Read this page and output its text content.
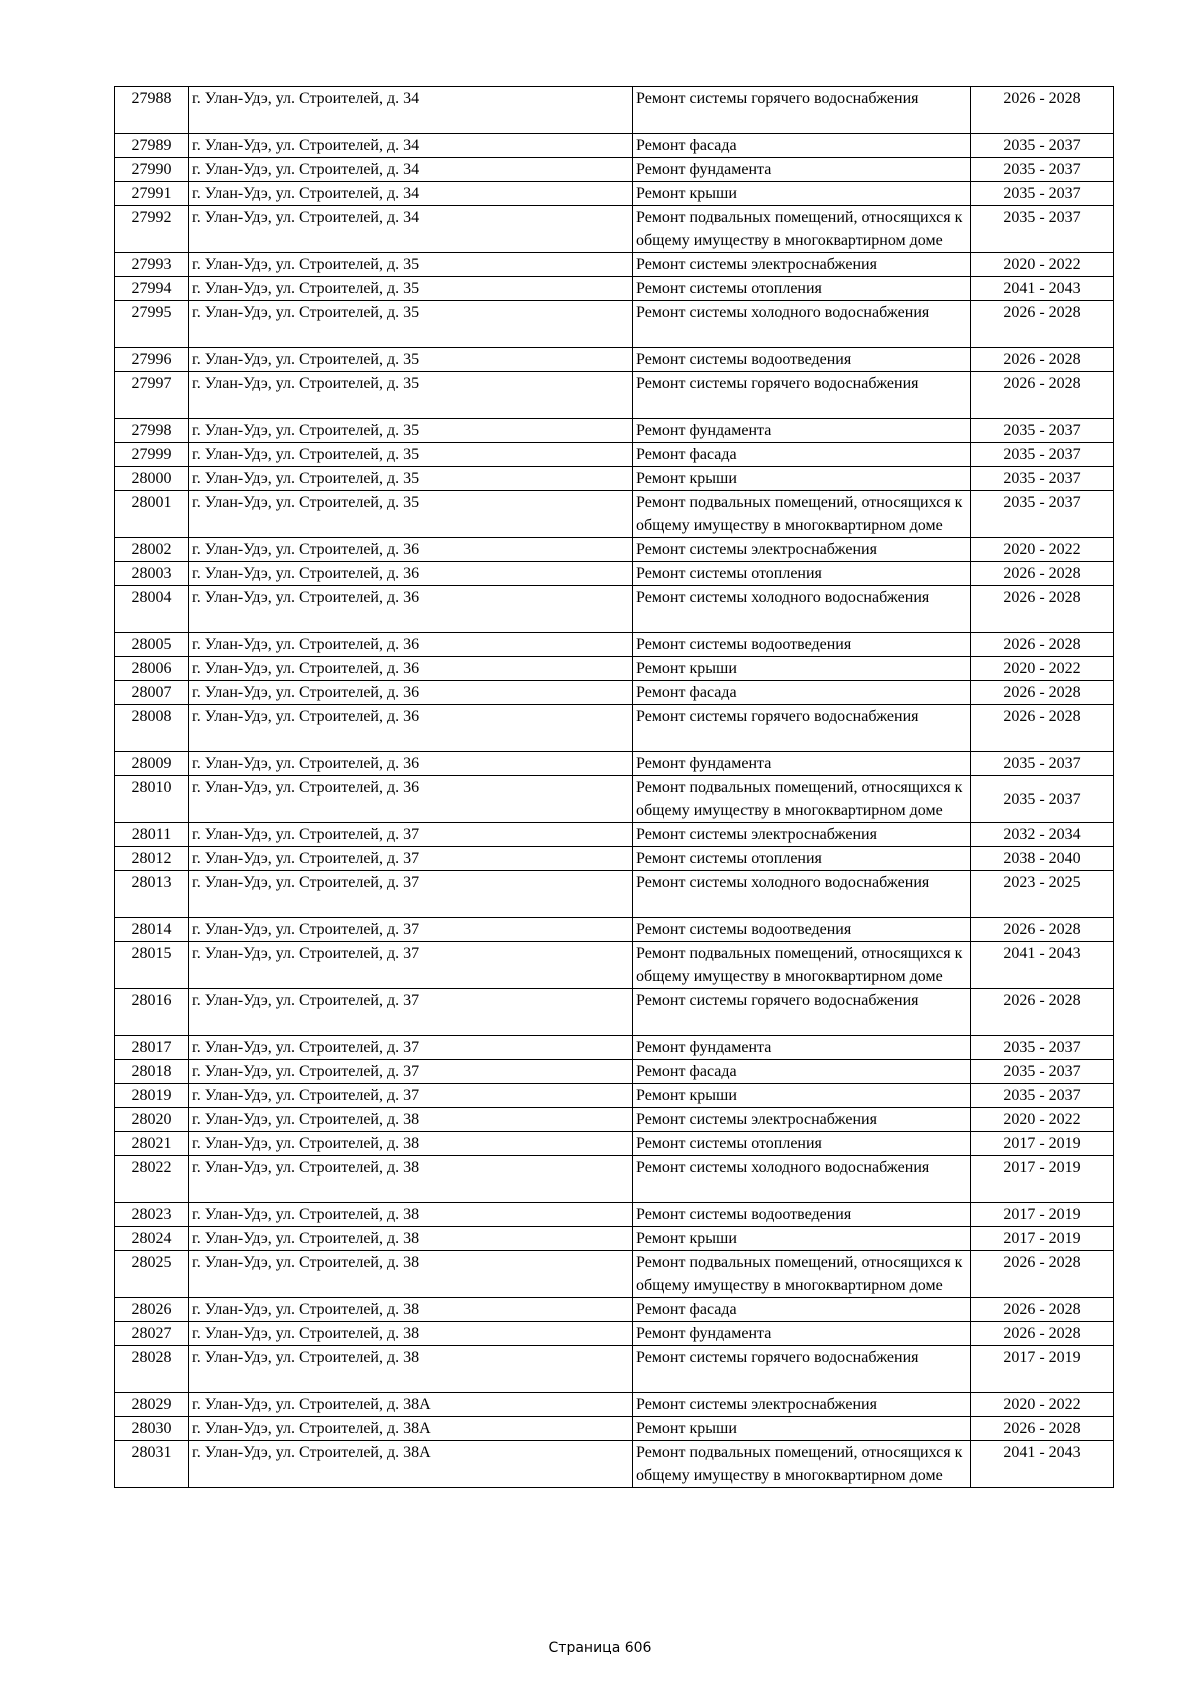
27988	г. Улан-Удэ, ул. Строителей, д. 34	Ремонт системы горячего водоснабжения	2026 - 2028
27989	г. Улан-Удэ, ул. Строителей, д. 34	Ремонт фасада	2035 - 2037
27990	г. Улан-Удэ, ул. Строителей, д. 34	Ремонт фундамента	2035 - 2037
27991	г. Улан-Удэ, ул. Строителей, д. 34	Ремонт крыши	2035 - 2037
27992	г. Улан-Удэ, ул. Строителей, д. 34	Ремонт подвальных помещений, относящихся к общему имуществу в многоквартирном доме	2035 - 2037
27993	г. Улан-Удэ, ул. Строителей, д. 35	Ремонт системы электроснабжения	2020 - 2022
27994	г. Улан-Удэ, ул. Строителей, д. 35	Ремонт системы отопления	2041 - 2043
27995	г. Улан-Удэ, ул. Строителей, д. 35	Ремонт системы холодного водоснабжения	2026 - 2028
27996	г. Улан-Удэ, ул. Строителей, д. 35	Ремонт системы водоотведения	2026 - 2028
27997	г. Улан-Удэ, ул. Строителей, д. 35	Ремонт системы горячего водоснабжения	2026 - 2028
27998	г. Улан-Удэ, ул. Строителей, д. 35	Ремонт фундамента	2035 - 2037
27999	г. Улан-Удэ, ул. Строителей, д. 35	Ремонт фасада	2035 - 2037
28000	г. Улан-Удэ, ул. Строителей, д. 35	Ремонт крыши	2035 - 2037
28001	г. Улан-Удэ, ул. Строителей, д. 35	Ремонт подвальных помещений, относящихся к общему имуществу в многоквартирном доме	2035 - 2037
28002	г. Улан-Удэ, ул. Строителей, д. 36	Ремонт системы электроснабжения	2020 - 2022
28003	г. Улан-Удэ, ул. Строителей, д. 36	Ремонт системы отопления	2026 - 2028
28004	г. Улан-Удэ, ул. Строителей, д. 36	Ремонт системы холодного водоснабжения	2026 - 2028
28005	г. Улан-Удэ, ул. Строителей, д. 36	Ремонт системы водоотведения	2026 - 2028
28006	г. Улан-Удэ, ул. Строителей, д. 36	Ремонт крыши	2020 - 2022
28007	г. Улан-Удэ, ул. Строителей, д. 36	Ремонт фасада	2026 - 2028
28008	г. Улан-Удэ, ул. Строителей, д. 36	Ремонт системы горячего водоснабжения	2026 - 2028
28009	г. Улан-Удэ, ул. Строителей, д. 36	Ремонт фундамента	2035 - 2037
28010	г. Улан-Удэ, ул. Строителей, д. 36	Ремонт подвальных помещений, относящихся к общему имуществу в многоквартирном доме	2035 - 2037
28011	г. Улан-Удэ, ул. Строителей, д. 37	Ремонт системы электроснабжения	2032 - 2034
28012	г. Улан-Удэ, ул. Строителей, д. 37	Ремонт системы отопления	2038 - 2040
28013	г. Улан-Удэ, ул. Строителей, д. 37	Ремонт системы холодного водоснабжения	2023 - 2025
28014	г. Улан-Удэ, ул. Строителей, д. 37	Ремонт системы водоотведения	2026 - 2028
28015	г. Улан-Удэ, ул. Строителей, д. 37	Ремонт подвальных помещений, относящихся к общему имуществу в многоквартирном доме	2041 - 2043
28016	г. Улан-Удэ, ул. Строителей, д. 37	Ремонт системы горячего водоснабжения	2026 - 2028
28017	г. Улан-Удэ, ул. Строителей, д. 37	Ремонт фундамента	2035 - 2037
28018	г. Улан-Удэ, ул. Строителей, д. 37	Ремонт фасада	2035 - 2037
28019	г. Улан-Удэ, ул. Строителей, д. 37	Ремонт крыши	2035 - 2037
28020	г. Улан-Удэ, ул. Строителей, д. 38	Ремонт системы электроснабжения	2020 - 2022
28021	г. Улан-Удэ, ул. Строителей, д. 38	Ремонт системы отопления	2017 - 2019
28022	г. Улан-Удэ, ул. Строителей, д. 38	Ремонт системы холодного водоснабжения	2017 - 2019
28023	г. Улан-Удэ, ул. Строителей, д. 38	Ремонт системы водоотведения	2017 - 2019
28024	г. Улан-Удэ, ул. Строителей, д. 38	Ремонт крыши	2017 - 2019
28025	г. Улан-Удэ, ул. Строителей, д. 38	Ремонт подвальных помещений, относящихся к общему имуществу в многоквартирном доме	2026 - 2028
28026	г. Улан-Удэ, ул. Строителей, д. 38	Ремонт фасада	2026 - 2028
28027	г. Улан-Удэ, ул. Строителей, д. 38	Ремонт фундамента	2026 - 2028
28028	г. Улан-Удэ, ул. Строителей, д. 38	Ремонт системы горячего водоснабжения	2017 - 2019
28029	г. Улан-Удэ, ул. Строителей, д. 38А	Ремонт системы электроснабжения	2020 - 2022
28030	г. Улан-Удэ, ул. Строителей, д. 38А	Ремонт крыши	2026 - 2028
28031	г. Улан-Удэ, ул. Строителей, д. 38А	Ремонт подвальных помещений, относящихся к общему имуществу в многоквартирном доме	2041 - 2043
Страница 606
